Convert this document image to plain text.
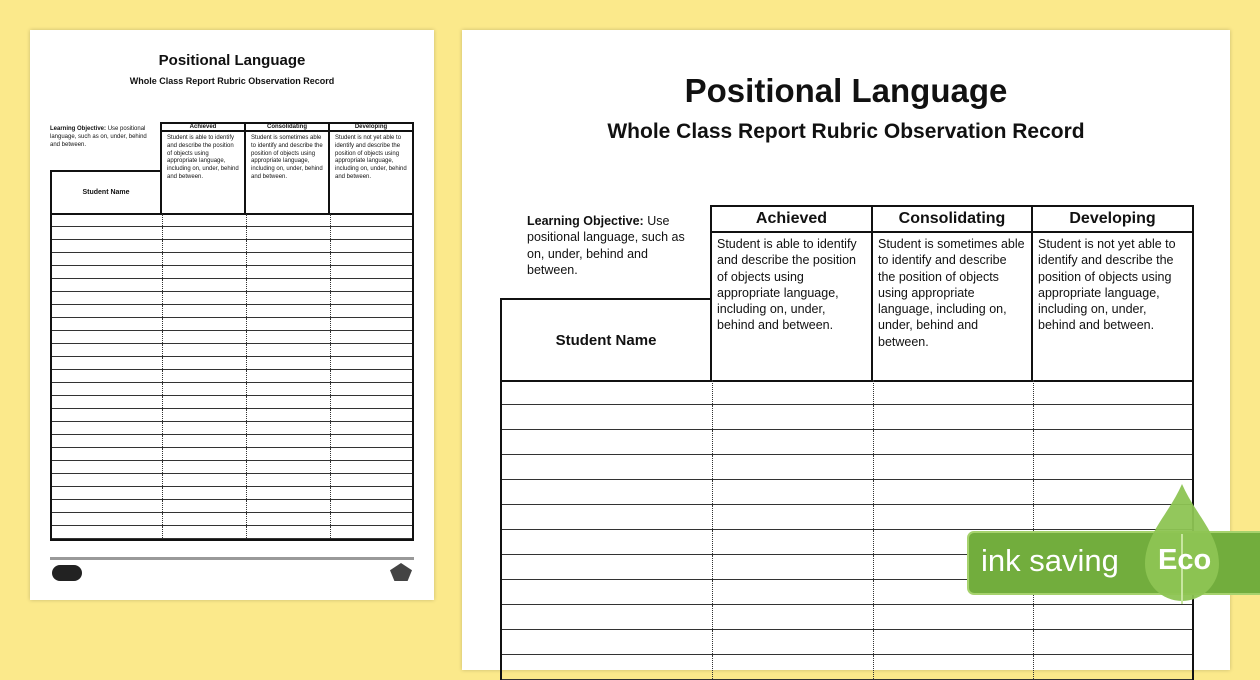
Positional Language
Whole Class Report Rubric Observation Record
Learning Objective: Use positional language, such as on, under, behind and between.
Achieved
Student is able to identify and describe the position of objects using appropriate language, including on, under, behind and between.
Consolidating
Student is sometimes able to identify and describe the position of objects using appropriate language, including on, under, behind and between.
Developing
Student is not yet able to identify and describe the position of objects using appropriate language, including on, under, behind and between.
Student Name
Positional Language
Whole Class Report Rubric Observation Record
Learning Objective: Use positional language, such as on, under, behind and between.
Achieved
Student is able to identify and describe the position of objects using appropriate language, including on, under, behind and between.
Consolidating
Student is sometimes able to identify and describe the position of objects using appropriate language, including on, under, behind and between.
Developing
Student is not yet able to identify and describe the position of objects using appropriate language, including on, under, behind and between.
Student Name
ink saving Eco
